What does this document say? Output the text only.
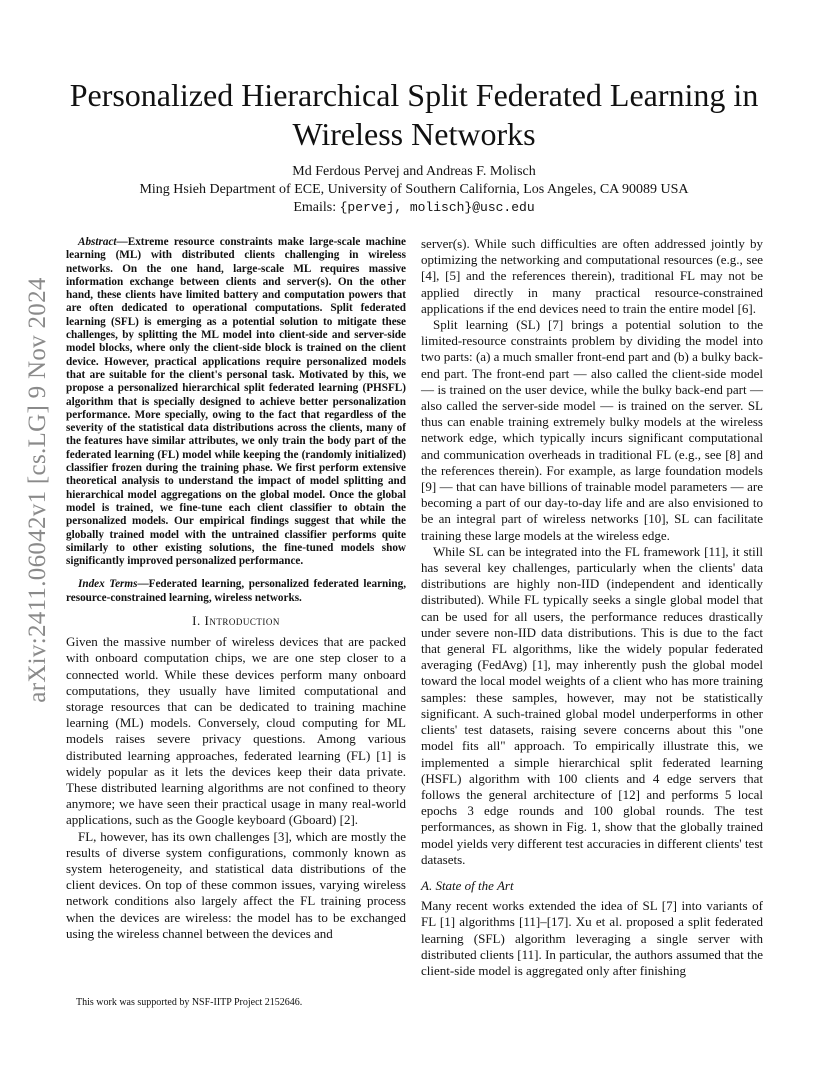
arXiv:2411.06042v1 [cs.LG] 9 Nov 2024
Personalized Hierarchical Split Federated Learning in Wireless Networks
Md Ferdous Pervej and Andreas F. Molisch
Ming Hsieh Department of ECE, University of Southern California, Los Angeles, CA 90089 USA
Emails: {pervej, molisch}@usc.edu

Abstract—Extreme resource constraints make large-scale machine learning (ML) with distributed clients challenging in wireless networks. On the one hand, large-scale ML requires massive information exchange between clients and server(s). On the other hand, these clients have limited battery and computation powers that are often dedicated to operational computations. Split federated learning (SFL) is emerging as a potential solution to mitigate these challenges, by splitting the ML model into client-side and server-side model blocks, where only the client-side block is trained on the client device. However, practical applications require personalized models that are suitable for the client's personal task. Motivated by this, we propose a personalized hierarchical split federated learning (PHSFL) algorithm that is specially designed to achieve better personalization performance. More specially, owing to the fact that regardless of the severity of the statistical data distributions across the clients, many of the features have similar attributes, we only train the body part of the federated learning (FL) model while keeping the (randomly initialized) classifier frozen during the training phase. We first perform extensive theoretical analysis to understand the impact of model splitting and hierarchical model aggregations on the global model. Once the global model is trained, we fine-tune each client classifier to obtain the personalized models. Our empirical findings suggest that while the globally trained model with the untrained classifier performs quite similarly to other existing solutions, the fine-tuned models show significantly improved personalized performance.

Index Terms—Federated learning, personalized federated learning, resource-constrained learning, wireless networks.

I. Introduction

Given the massive number of wireless devices that are packed with onboard computation chips, we are one step closer to a connected world. While these devices perform many onboard computations, they usually have limited computational and storage resources that can be dedicated to training machine learning (ML) models. Conversely, cloud computing for ML models raises severe privacy questions. Among various distributed learning approaches, federated learning (FL) [1] is widely popular as it lets the devices keep their data private. These distributed learning algorithms are not confined to theory anymore; we have seen their practical usage in many real-world applications, such as the Google keyboard (Gboard) [2].

FL, however, has its own challenges [3], which are mostly the results of diverse system configurations, commonly known as system heterogeneity, and statistical data distributions of the client devices. On top of these common issues, varying wireless network conditions also largely affect the FL training process when the devices are wireless: the model has to be exchanged using the wireless channel between the devices and

This work was supported by NSF-IITP Project 2152646.

server(s). While such difficulties are often addressed jointly by optimizing the networking and computational resources (e.g., see [4], [5] and the references therein), traditional FL may not be applied directly in many practical resource-constrained applications if the end devices need to train the entire model [6].

Split learning (SL) [7] brings a potential solution to the limited-resource constraints problem by dividing the model into two parts: (a) a much smaller front-end part and (b) a bulky back-end part. The front-end part — also called the client-side model — is trained on the user device, while the bulky back-end part — also called the server-side model — is trained on the server. SL thus can enable training extremely bulky models at the wireless network edge, which typically incurs significant computational and communication overheads in traditional FL (e.g., see [8] and the references therein). For example, as large foundation models [9] — that can have billions of trainable model parameters — are becoming a part of our day-to-day life and are also envisioned to be an integral part of wireless networks [10], SL can facilitate training these large models at the wireless edge.

While SL can be integrated into the FL framework [11], it still has several key challenges, particularly when the clients' data distributions are highly non-IID (independent and identically distributed). While FL typically seeks a single global model that can be used for all users, the performance reduces drastically under severe non-IID data distributions. This is due to the fact that general FL algorithms, like the widely popular federated averaging (FedAvg) [1], may inherently push the global model toward the local model weights of a client who has more training samples: these samples, however, may not be statistically significant. A such-trained global model underperforms in other clients' test datasets, raising severe concerns about this "one model fits all" approach. To empirically illustrate this, we implemented a simple hierarchical split federated learning (HSFL) algorithm with 100 clients and 4 edge servers that follows the general architecture of [12] and performs 5 local epochs 3 edge rounds and 100 global rounds. The test performances, as shown in Fig. 1, show that the globally trained model yields very different test accuracies in different clients' test datasets.

A. State of the Art

Many recent works extended the idea of SL [7] into variants of FL [1] algorithms [11]–[17]. Xu et al. proposed a split federated learning (SFL) algorithm leveraging a single server with distributed clients [11]. In particular, the authors assumed that the client-side model is aggregated only after finishing
